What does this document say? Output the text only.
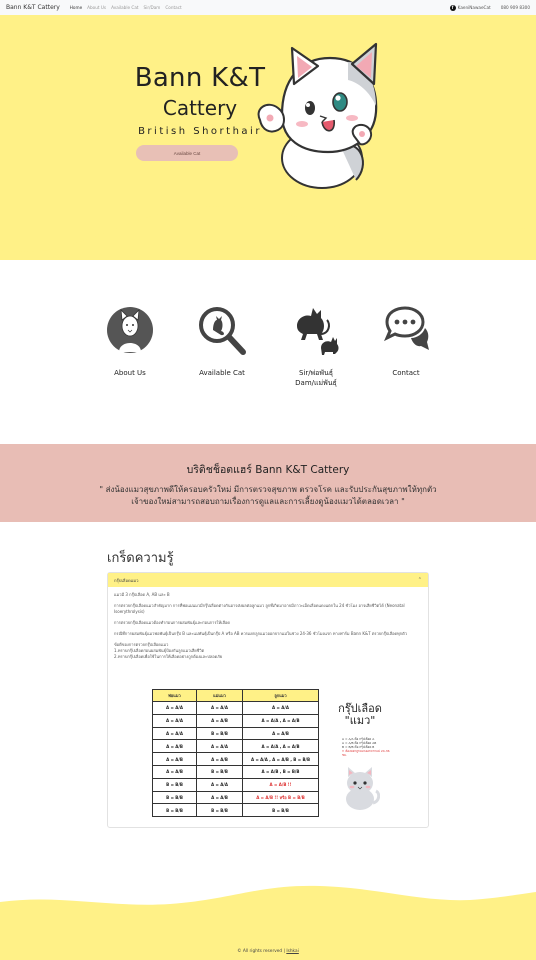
Bann K&T Cattery Home About Us Available Cat Sir/Dam Contact	f KaeniNawaeCat 080 909 8300
Bann K&T
Cattery
British Shorthair
Available Cat
About Us	Available Cat	Sir/พ่อพันธุ์
Dam/แม่พันธุ์
Contact
บริติชช็อตแฮร์ Bann K&T Cattery
" ส่งน้องแมวสุขภาพดีให้ครอบครัวใหม่ มีการตรวจสุขภาพ ตรวจโรค และรับประกันสุขภาพให้ทุกตัว เจ้าของใหม่สามารถสอบถามเรื่องการดูแลและการเลี้ยงดูน้องแมวได้ตลอดเวลา "
เกร็ดความรู้
กรุ๊ปเลือดแมว	⌃

แมวมี 3 กรุ๊ปเลือด A, AB และ B

การตรวจกรุ๊ปเลือดแมวสำคัญมาก การที่พ่อแม่แมวมีกรุ๊ปเลือดต่างกันอาจส่งผลต่อลูกแมว ลูกที่เกิดมาอาจมีภาวะเม็ดเลือดแดงแตกใน 24 ชั่วโมง อาจเสียชีวิตได้ (Neonatal Isoerythrolysis)

การตรวจกรุ๊ปเลือดแมวต้องทำก่อนการผสมพันธุ์และก่อนการให้เลือด

กรณีที่การผสมพันธุ์แมวพ่อพันธุ์เป็นกรุ๊ป B และแม่พันธุ์เป็นกรุ๊ป A หรือ AB ควรแยกลูกแมวออกจากแม่ในช่วง 24-36 ชั่วโมงแรก ทางฟาร์ม Bann K&T ตรวจกรุ๊ปเลือดทุกตัว

ข้อดีของการตรวจกรุ๊ปเลือดแมว
1.ทราบกรุ๊ปเลือดก่อนผสมพันธุ์ป้องกันลูกแมวเสียชีวิต
2.ทราบกรุ๊ปเลือดเพื่อใช้ในการให้เลือดอย่างถูกต้องและปลอดภัย
พ่อแมว	แม่แมว	ลูกแมว
A = A/A	A = A/A	A = A/A
A = A/A	A = A/B	A = A/A , A = A/B
A = A/A	B = B/B	A = A/B
A = A/B	A = A/A	A = A/A , A = A/B
A = A/B	A = A/B	A = A/A , A = A/B , B = B/B
A = A/B	B = B/B	A = A/B , B = B/B
B = B/B	A = A/A	A = A/B !!
B = B/B	A = A/B	A = A/B !! หรือ B = B/B
B = B/B	B = B/B	B = B/B
กรุ๊ปเลือด
"แมว"
A = A/A คือ กรุ๊ปเลือด A
A = A/B คือ กรุ๊ปเลือด AB
B = B/B คือ กรุ๊ปเลือด B
!! ต้องแยกลูกแมวออกจากแม่ 24-36 ชม.
© All rights reserved | Ishkai
